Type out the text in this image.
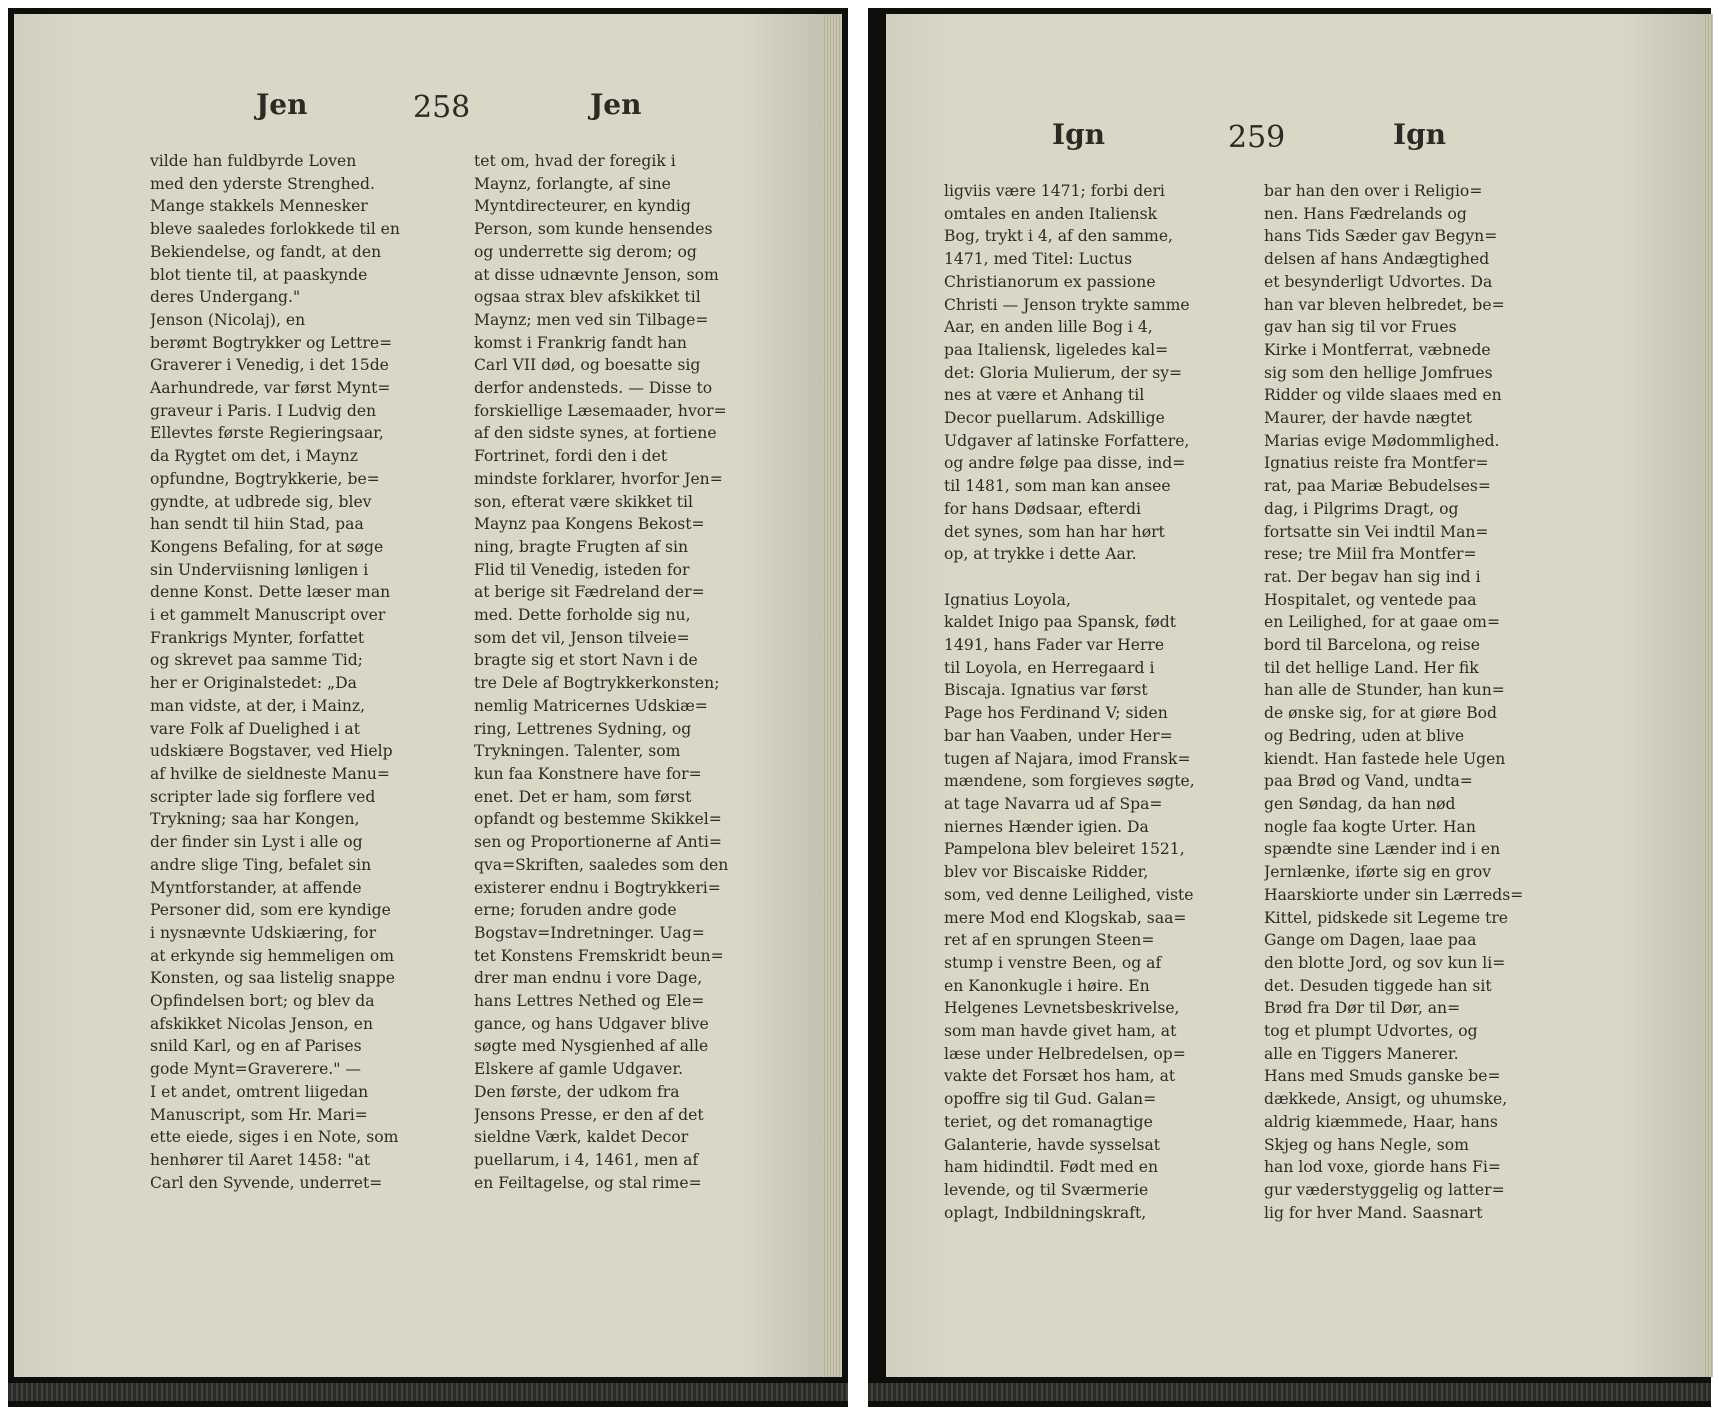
Jen	258	Jen
Ign	259	Ign
vilde han fuldbyrde Loven
med den yderste Strenghed.
Mange stakkels Mennesker
bleve saaledes forlokkede til en
Bekiendelse, og fandt, at den
blot tiente til, at paaskynde
deres Undergang."
Jenson (Nicolaj), en
berømt Bogtrykker og Lettre=
Graverer i Venedig, i det 15de
Aarhundrede, var først Mynt=
graveur i Paris. I Ludvig den
Ellevtes første Regieringsaar,
da Rygtet om det, i Maynz
opfundne, Bogtrykkerie, be=
gyndte, at udbrede sig, blev
han sendt til hiin Stad, paa
Kongens Befaling, for at søge
sin Underviisning lønligen i
denne Konst. Dette læser man
i et gammelt Manuscript over
Frankrigs Mynter, forfattet
og skrevet paa samme Tid;
her er Originalstedet: „Da
man vidste, at der, i Mainz,
vare Folk af Duelighed i at
udskiære Bogstaver, ved Hielp
af hvilke de sieldneste Manu=
scripter lade sig forflere ved
Trykning; saa har Kongen,
der finder sin Lyst i alle og
andre slige Ting, befalet sin
Myntforstander, at affende
Personer did, som ere kyndige
i nysnævnte Udskiæring, for
at erkynde sig hemmeligen om
Konsten, og saa listelig snappe
Opfindelsen bort; og blev da
afskikket Nicolas Jenson, en
snild Karl, og en af Parises
gode Mynt=Graverere." —
I et andet, omtrent liigedan
Manuscript, som Hr. Mari=
ette eiede, siges i en Note, som
henhører til Aaret 1458: "at
Carl den Syvende, underret=
tet om, hvad der foregik i
Maynz, forlangte, af sine
Myntdirecteurer, en kyndig
Person, som kunde hensendes
og underrette sig derom; og
at disse udnævnte Jenson, som
ogsaa strax blev afskikket til
Maynz; men ved sin Tilbage=
komst i Frankrig fandt han
Carl VII død, og boesatte sig
derfor andensteds. — Disse to
forskiellige Læsemaader, hvor=
af den sidste synes, at fortiene
Fortrinet, fordi den i det
mindste forklarer, hvorfor Jen=
son, efterat være skikket til
Maynz paa Kongens Bekost=
ning, bragte Frugten af sin
Flid til Venedig, isteden for
at berige sit Fædreland der=
med. Dette forholde sig nu,
som det vil, Jenson tilveie=
bragte sig et stort Navn i de
tre Dele af Bogtrykkerkonsten;
nemlig Matricernes Udskiæ=
ring, Lettrenes Sydning, og
Trykningen. Talenter, som
kun faa Konstnere have for=
enet. Det er ham, som først
opfandt og bestemme Skikkel=
sen og Proportionerne af Anti=
qva=Skriften, saaledes som den
existerer endnu i Bogtrykkeri=
erne; foruden andre gode
Bogstav=Indretninger. Uag=
tet Konstens Fremskridt beun=
drer man endnu i vore Dage,
hans Lettres Nethed og Ele=
gance, og hans Udgaver blive
søgte med Nysgienhed af alle
Elskere af gamle Udgaver.
Den første, der udkom fra
Jensons Presse, er den af det
sieldne Værk, kaldet Decor
puellarum, i 4, 1461, men af
en Feiltagelse, og stal rime=
ligviis være 1471; forbi deri
omtales en anden Italiensk
Bog, trykt i 4, af den samme,
1471, med Titel: Luctus
Christianorum ex passione
Christi — Jenson trykte samme
Aar, en anden lille Bog i 4,
paa Italiensk, ligeledes kal=
det: Gloria Mulierum, der sy=
nes at være et Anhang til
Decor puellarum. Adskillige
Udgaver af latinske Forfattere,
og andre følge paa disse, ind=
til 1481, som man kan ansee
for hans Dødsaar, efterdi
det synes, som han har hørt
op, at trykke i dette Aar.

Ignatius Loyola,
kaldet Inigo paa Spansk, født
1491, hans Fader var Herre
til Loyola, en Herregaard i
Biscaja. Ignatius var først
Page hos Ferdinand V; siden
bar han Vaaben, under Her=
tugen af Najara, imod Fransk=
mændene, som forgieves søgte,
at tage Navarra ud af Spa=
niernes Hænder igien. Da
Pampelona blev beleiret 1521,
blev vor Biscaiske Ridder,
som, ved denne Leilighed, viste
mere Mod end Klogskab, saa=
ret af en sprungen Steen=
stump i venstre Been, og af
en Kanonkugle i høire. En
Helgenes Levnetsbeskrivelse,
som man havde givet ham, at
læse under Helbredelsen, op=
vakte det Forsæt hos ham, at
opoffre sig til Gud. Galan=
teriet, og det romanagtige
Galanterie, havde sysselsat
ham hidindtil. Født med en
levende, og til Sværmerie
oplagt, Indbildningskraft,
bar han den over i Religio=
nen. Hans Fædrelands og
hans Tids Sæder gav Begyn=
delsen af hans Andægtighed
et besynderligt Udvortes. Da
han var bleven helbredet, be=
gav han sig til vor Frues
Kirke i Montferrat, væbnede
sig som den hellige Jomfrues
Ridder og vilde slaaes med en
Maurer, der havde nægtet
Marias evige Mødommlighed.
Ignatius reiste fra Montfer=
rat, paa Mariæ Bebudelses=
dag, i Pilgrims Dragt, og
fortsatte sin Vei indtil Man=
rese; tre Miil fra Montfer=
rat. Der begav han sig ind i
Hospitalet, og ventede paa
en Leilighed, for at gaae om=
bord til Barcelona, og reise
til det hellige Land. Her fik
han alle de Stunder, han kun=
de ønske sig, for at giøre Bod
og Bedring, uden at blive
kiendt. Han fastede hele Ugen
paa Brød og Vand, undta=
gen Søndag, da han nød
nogle faa kogte Urter. Han
spændte sine Lænder ind i en
Jernlænke, iførte sig en grov
Haarskiorte under sin Lærreds=
Kittel, pidskede sit Legeme tre
Gange om Dagen, laae paa
den blotte Jord, og sov kun li=
det. Desuden tiggede han sit
Brød fra Dør til Dør, an=
tog et plumpt Udvortes, og
alle en Tiggers Manerer.
Hans med Smuds ganske be=
dækkede, Ansigt, og uhumske,
aldrig kiæmmede, Haar, hans
Skjeg og hans Negle, som
han lod voxe, giorde hans Fi=
gur væderstyggelig og latter=
lig for hver Mand. Saasnart
